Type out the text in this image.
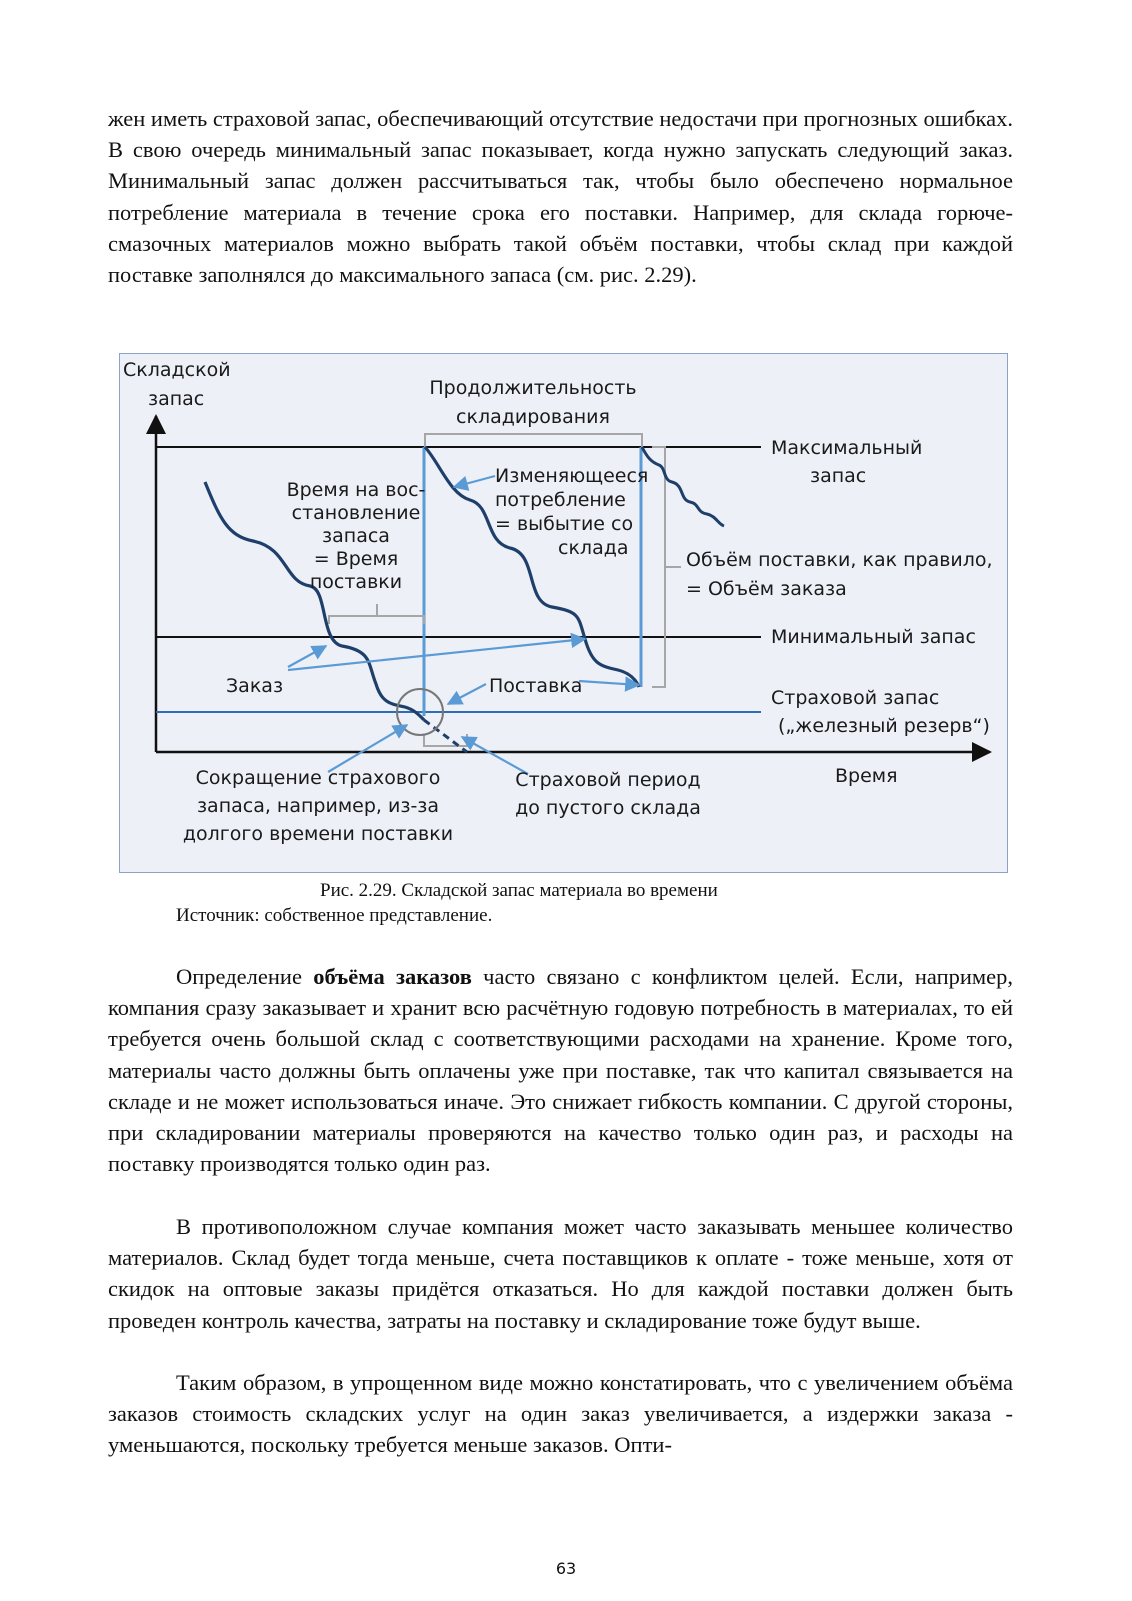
жен иметь страховой запас, обеспечивающий отсутствие недостачи при прогнозных ошибках. В свою очередь минимальный запас показывает, когда нужно запускать следующий заказ. Минимальный запас должен рассчитываться так, чтобы было обеспечено нормальное потребление материала в течение срока его поставки. Например, для склада горюче-смазочных материалов можно выбрать такой объём поставки, чтобы склад при каждой поставке заполнялся до максимального запаса (см. рис. 2.29).

Складской
запас
Время
Продолжительность
складирования
Максимальный
запас
Время на вос-
становление
запаса
= Время
поставки
Изменяющееся
потребление
= выбытие со
склада
Объём поставки, как правило,
= Объём заказа
Минимальный запас
Заказ	Поставка
Страховой запас
(„железный резерв“)
Сокращение страхового
запаса, например, из-за
долгого времени поставки
Страховой период
до пустого склада
Рис. 2.29. Складской запас материала во времени
Источник: собственное представление.

Определение объёма заказов часто связано с конфликтом целей. Если, например, компания сразу заказывает и хранит всю расчётную годовую потребность в материалах, то ей требуется очень большой склад с соответствующими расходами на хранение. Кроме того, материалы часто должны быть оплачены уже при поставке, так что капитал связывается на складе и не может использоваться иначе. Это снижает гибкость компании. С другой стороны, при складировании материалы проверяются на качество только один раз, и расходы на поставку производятся только один раз.

В противоположном случае компания может часто заказывать меньшее количество материалов. Склад будет тогда меньше, счета поставщиков к оплате - тоже меньше, хотя от скидок на оптовые заказы придётся отказаться. Но для каждой поставки должен быть проведен контроль качества, затраты на поставку и складирование тоже будут выше.

Таким образом, в упрощенном виде можно констатировать, что с увеличением объёма заказов стоимость складских услуг на один заказ увеличивается, а издержки заказа - уменьшаются, поскольку требуется меньше заказов. Опти-

63
